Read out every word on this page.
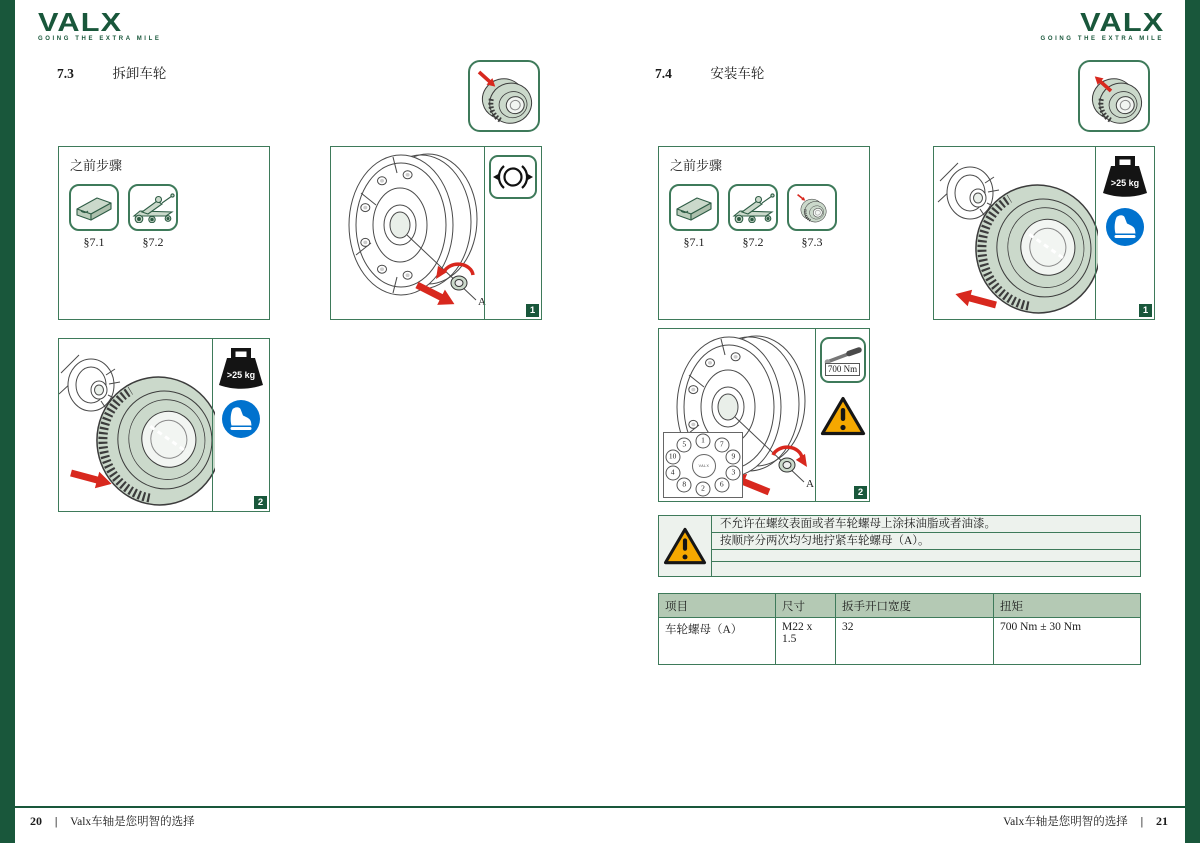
VALX
GOING THE EXTRA MILE
VALX
GOING THE EXTRA MILE
7.3	拆卸车轮	7.4	安装车轮
之前步骤
§7.1	§7.2
A
1
>25 kg
2
之前步骤
§7.1	§7.2	§7.3
>25 kg
1
A
VALX
1
7
9
3
6
2
8
4
10
5
700 Nm
2
不允许在螺纹表面或者车轮螺母上涂抹油脂或者油漆。
按顺序分两次均匀地拧紧车轮螺母（A）。
项目	尺寸	扳手开口宽度	扭矩
车轮螺母（A）	M22 x 1.5	32	700 Nm ± 30 Nm
20 | Valx车轴是您明智的选择	Valx车轴是您明智的选择 | 21
